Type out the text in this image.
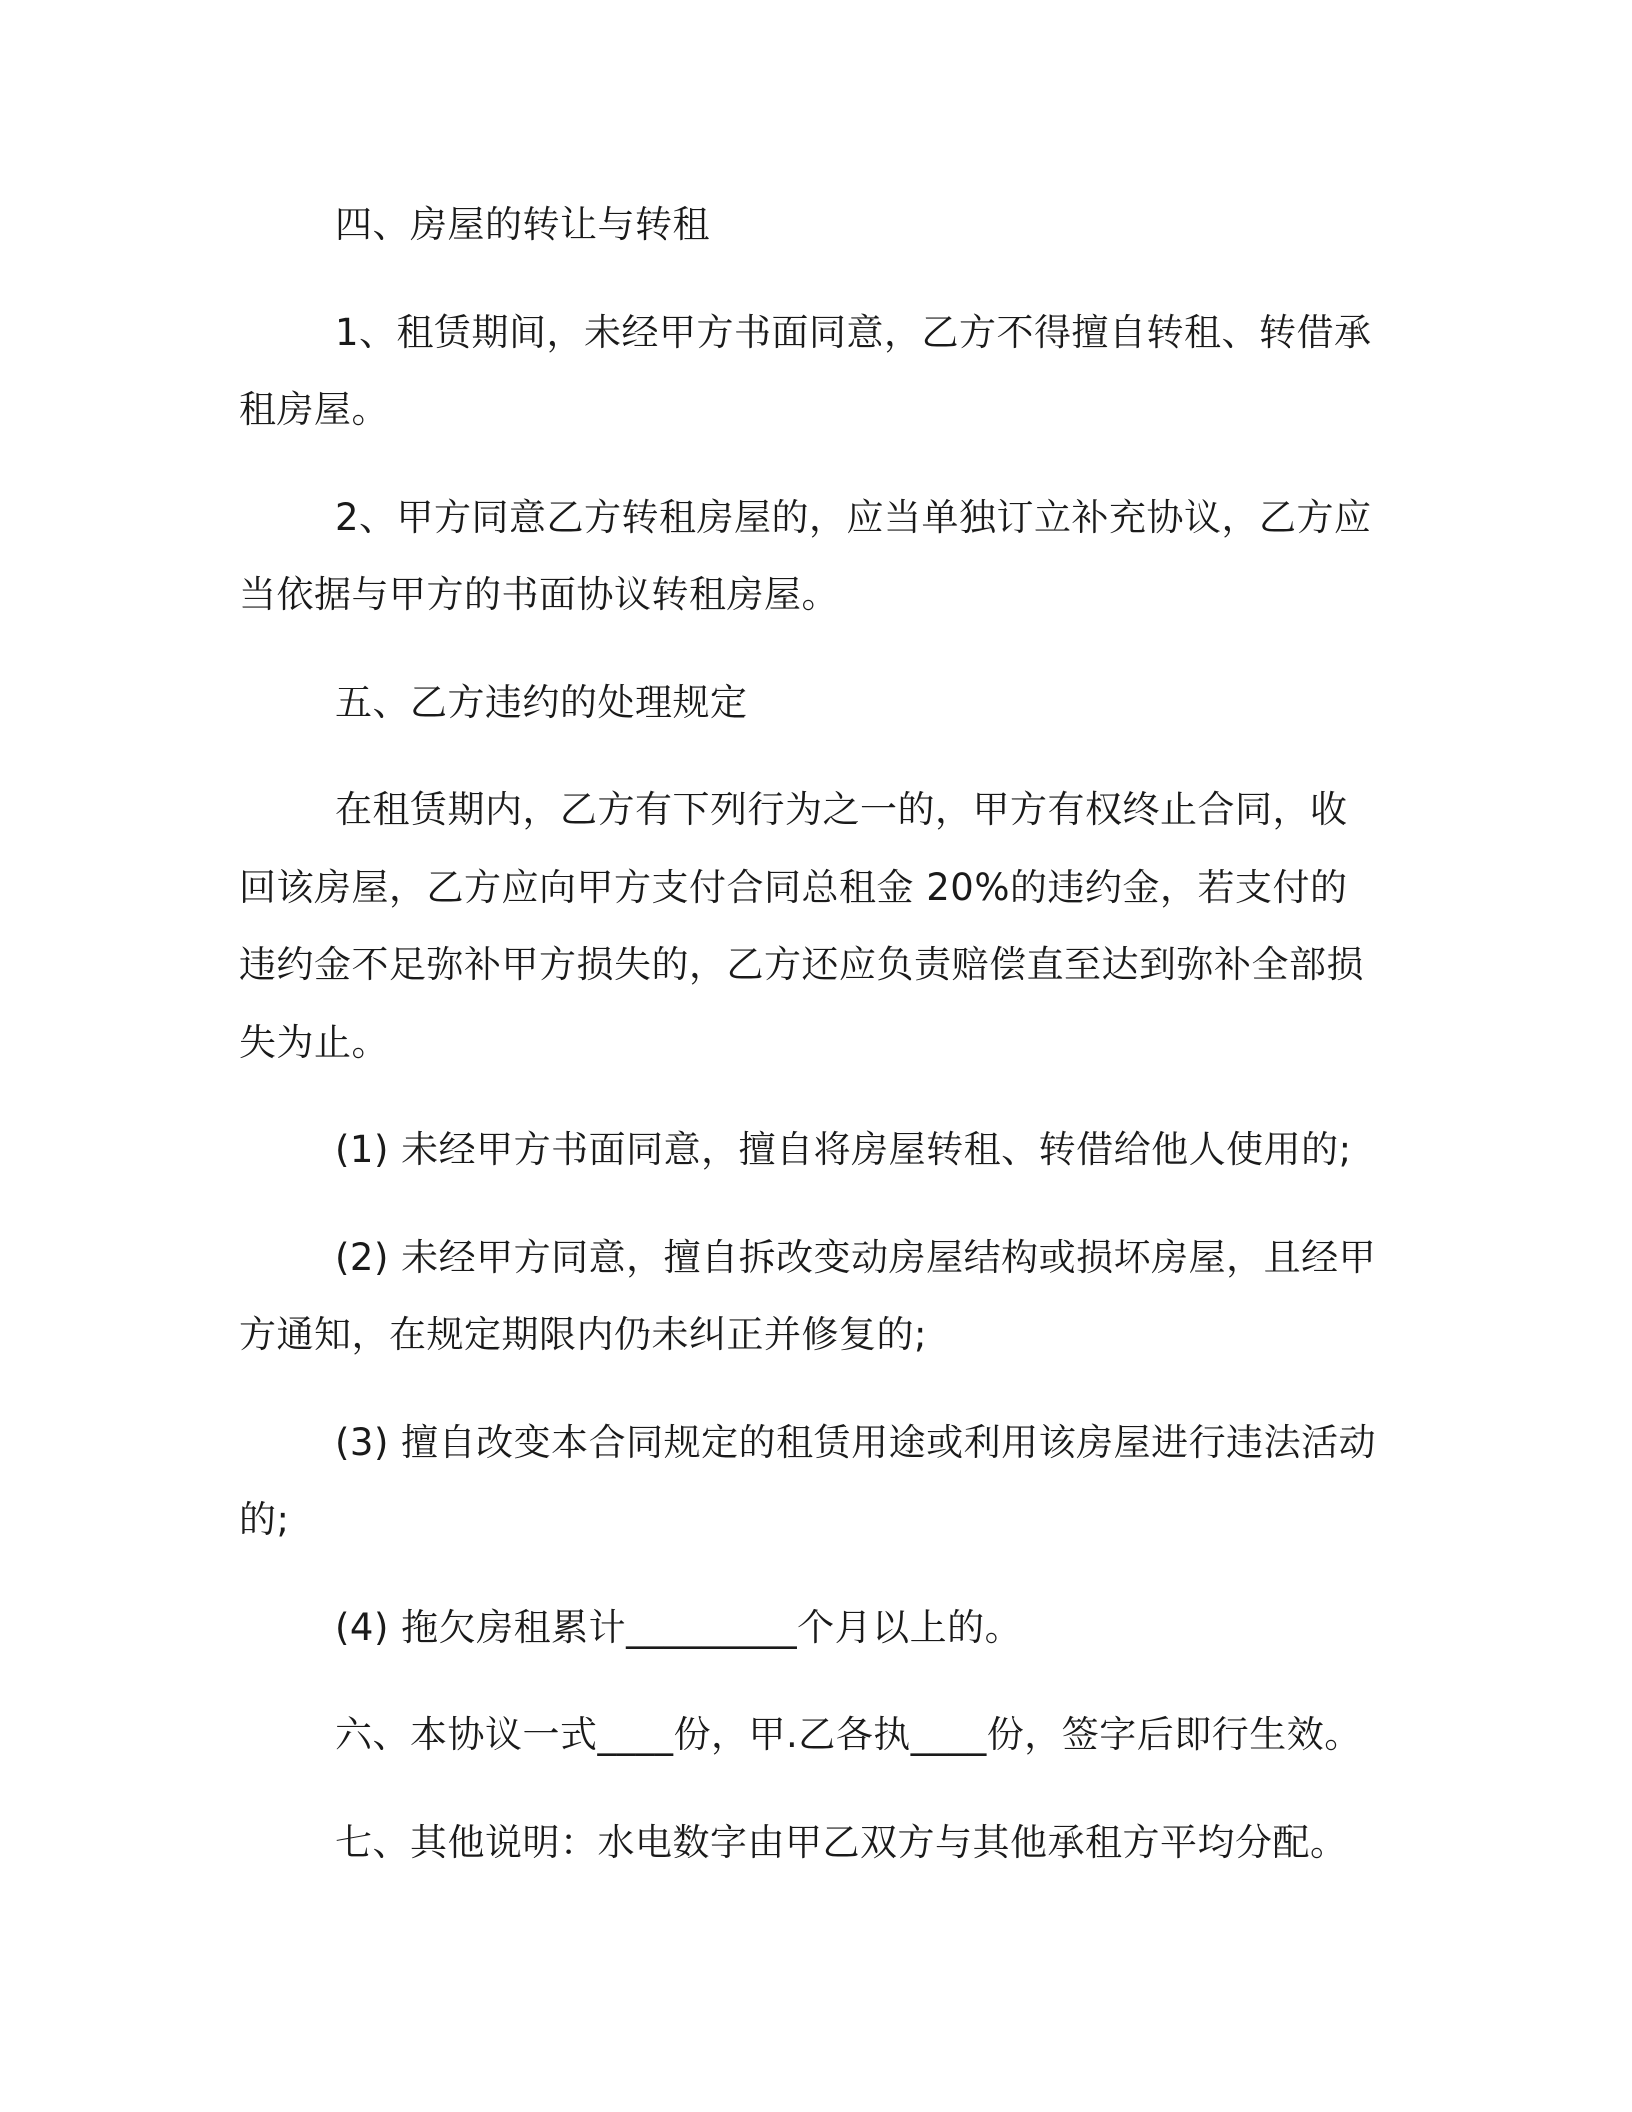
四、房屋的转让与转租

1、租赁期间，未经甲方书面同意，乙方不得擅自转租、转借承租房屋。

2、甲方同意乙方转租房屋的，应当单独订立补充协议，乙方应当依据与甲方的书面协议转租房屋。

五、乙方违约的处理规定

在租赁期内，乙方有下列行为之一的，甲方有权终止合同，收回该房屋，乙方应向甲方支付合同总租金 20%的违约金，若支付的违约金不足弥补甲方损失的，乙方还应负责赔偿直至达到弥补全部损失为止。

(1) 未经甲方书面同意，擅自将房屋转租、转借给他人使用的;

(2) 未经甲方同意，擅自拆改变动房屋结构或损坏房屋，且经甲方通知，在规定期限内仍未纠正并修复的;

(3) 擅自改变本合同规定的租赁用途或利用该房屋进行违法活动的;

(4) 拖欠房租累计_________个月以上的。

六、本协议一式____份，甲.乙各执____份，签字后即行生效。

七、其他说明：水电数字由甲乙双方与其他承租方平均分配。
